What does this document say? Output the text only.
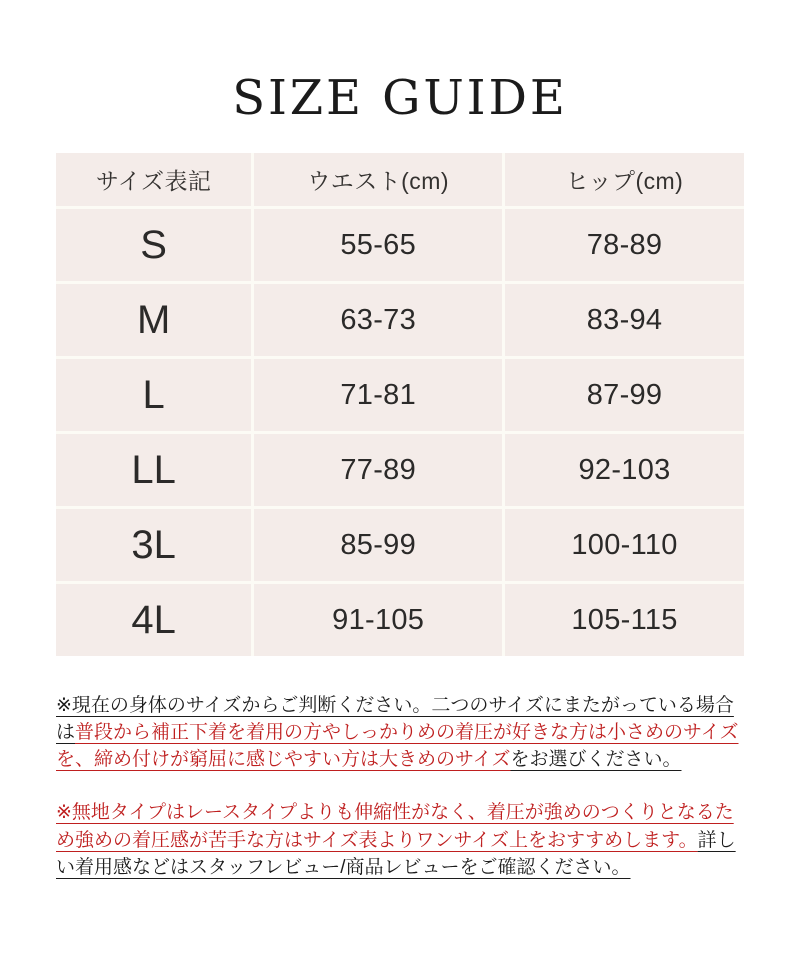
SIZE GUIDE
サイズ表記	ウエスト(cm)	ヒップ(cm)
S	55-65	78-89
M	63-73	83-94
L	71-81	87-99
LL	77-89	92-103
3L	85-99	100-110
4L	91-105	105-115

※現在の身体のサイズからご判断ください。二つのサイズにまたがっている場合は普段から補正下着を着用の方やしっかりめの着圧が好きな方は小さめのサイズを、締め付けが窮屈に感じやすい方は大きめのサイズをお選びください。

※無地タイプはレースタイプよりも伸縮性がなく、着圧が強めのつくりとなるため強めの着圧感が苦手な方はサイズ表よりワンサイズ上をおすすめします。詳しい着用感などはスタッフレビュー/商品レビューをご確認ください。
